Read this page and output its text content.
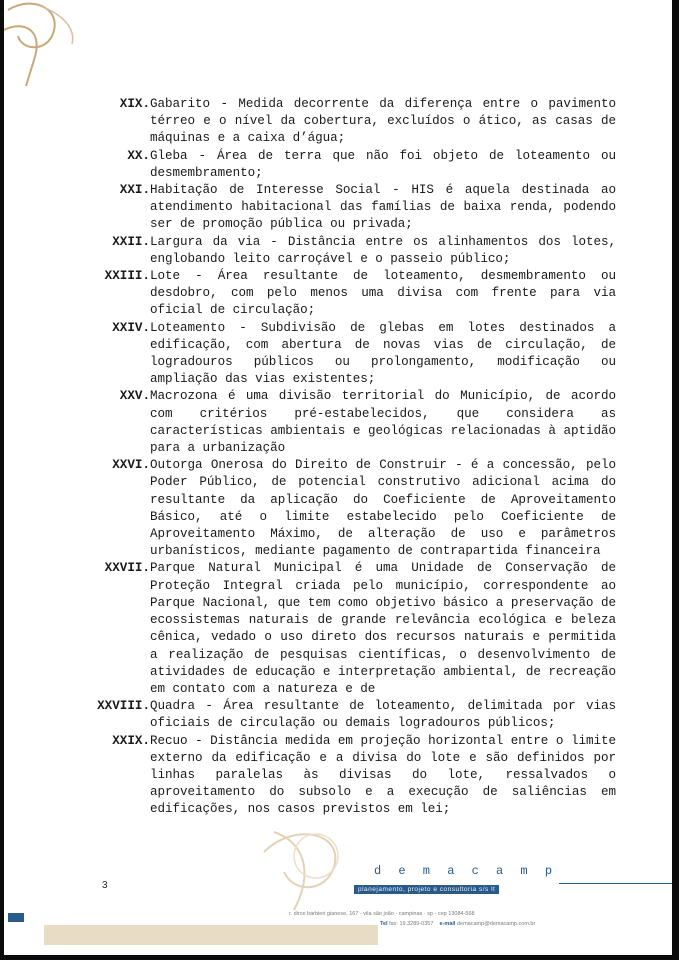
XIX. Gabarito - Medida decorrente da diferença entre o pavimento térreo e o nível da cobertura, excluídos o ático, as casas de máquinas e a caixa d’água;
XX. Gleba - Área de terra que não foi objeto de loteamento ou desmembramento;
XXI. Habitação de Interesse Social - HIS é aquela destinada ao atendimento habitacional das famílias de baixa renda, podendo ser de promoção pública ou privada;
XXII. Largura da via - Distância entre os alinhamentos dos lotes, englobando leito carroçável e o passeio público;
XXIII. Lote - Área resultante de loteamento, desmembramento ou desdobro, com pelo menos uma divisa com frente para via oficial de circulação;
XXIV. Loteamento - Subdivisão de glebas em lotes destinados a edificação, com abertura de novas vias de circulação, de logradouros públicos ou prolongamento, modificação ou ampliação das vias existentes;
XXV. Macrozona é uma divisão territorial do Município, de acordo com critérios pré-estabelecidos, que considera as características ambientais e geológicas relacionadas à aptidão para a urbanização
XXVI. Outorga Onerosa do Direito de Construir - é a concessão, pelo Poder Público, de potencial construtivo adicional acima do resultante da aplicação do Coeficiente de Aproveitamento Básico, até o limite estabelecido pelo Coeficiente de Aproveitamento Máximo, de alteração de uso e parâmetros urbanísticos, mediante pagamento de contrapartida financeira
XXVII. Parque Natural Municipal é uma Unidade de Conservação de Proteção Integral criada pelo município, correspondente ao Parque Nacional, que tem como objetivo básico a preservação de ecossistemas naturais de grande relevância ecológica e beleza cênica, vedado o uso direto dos recursos naturais e permitida a realização de pesquisas científicas, o desenvolvimento de atividades de educação e interpretação ambiental, de recreação em contato com a natureza e de
XXVIII. Quadra - Área resultante de loteamento, delimitada por vias oficiais de circulação ou demais logradouros públicos;
XXIX. Recuo - Distância medida em projeção horizontal entre o limite externo da edificação e a divisa do lote e são definidos por linhas paralelas às divisas do lote, ressalvados o aproveitamento do subsolo e a execução de saliências em edificações, nos casos previstos em lei;
3
d e m a c a m p
planejamento, projeto e consultoria s/s lt
r. dirce barbieri gianese, 167 - vila são joão · campinas · sp · cep 13084-568
Tel fax: 19.3289-0357 e-mail demacamp@demacamp.com.br
